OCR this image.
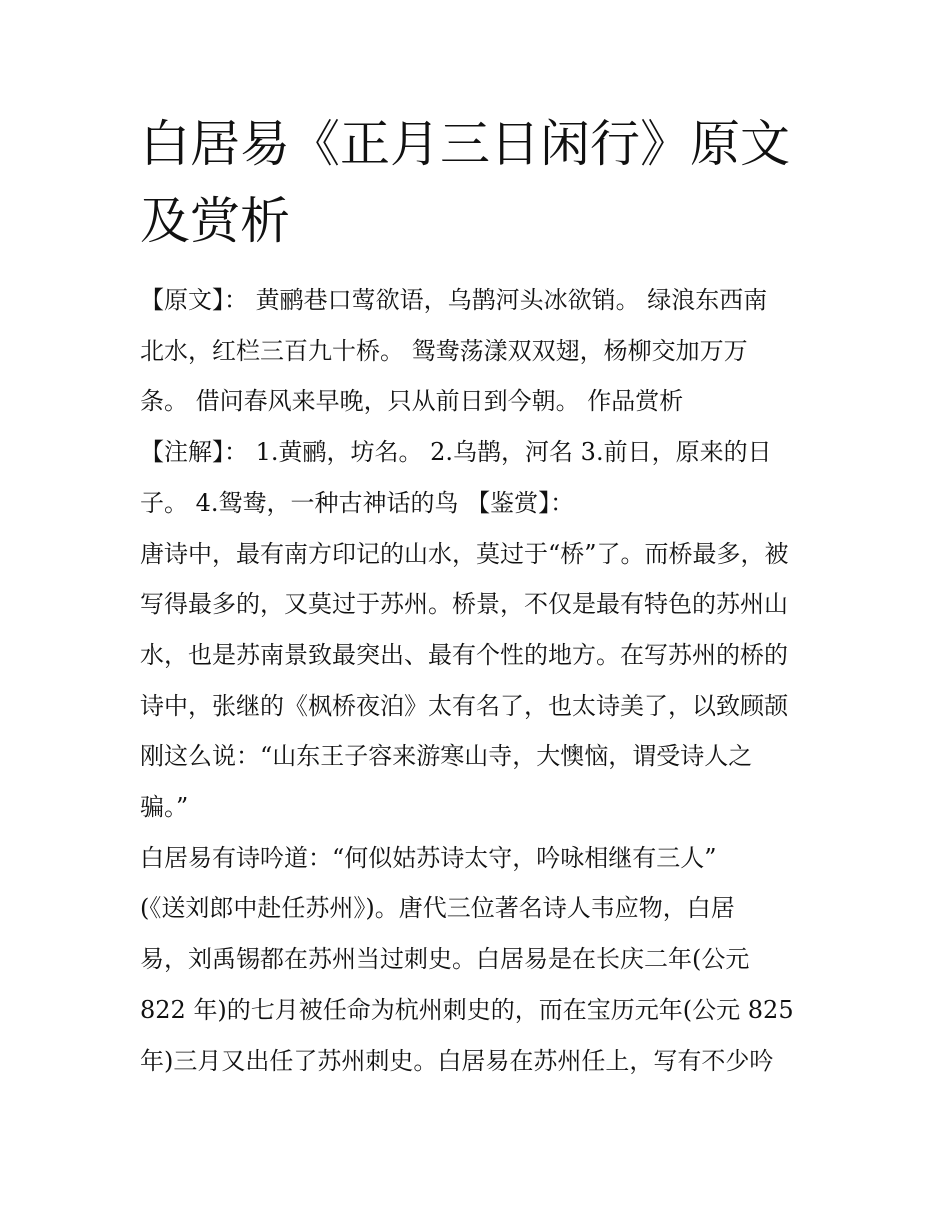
白居易《正月三日闲行》原文
及赏析
【原文】： 黄鹂巷口莺欲语，乌鹊河头冰欲销。 绿浪东西南
北水，红栏三百九十桥。 鸳鸯荡漾双双翅，杨柳交加万万
条。 借问春风来早晚，只从前日到今朝。 作品赏析
【注解】： 1.黄鹂，坊名。 2.乌鹊，河名 3.前日，原来的日
子。 4.鸳鸯，一种古神话的鸟 【鉴赏】：
唐诗中，最有南方印记的山水，莫过于“桥”了。而桥最多，被
写得最多的，又莫过于苏州。桥景，不仅是最有特色的苏州山
水，也是苏南景致最突出、最有个性的地方。在写苏州的桥的
诗中，张继的《枫桥夜泊》太有名了，也太诗美了，以致顾颉
刚这么说：“山东王子容来游寒山寺，大懊恼，谓受诗人之
骗。”
白居易有诗吟道：“何似姑苏诗太守，吟咏相继有三人”
(《送刘郎中赴任苏州》)。唐代三位著名诗人韦应物，白居
易，刘禹锡都在苏州当过刺史。白居易是在长庆二年(公元
822 年)的七月被任命为杭州刺史的，而在宝历元年(公元 825
年)三月又出任了苏州刺史。白居易在苏州任上，写有不少吟
